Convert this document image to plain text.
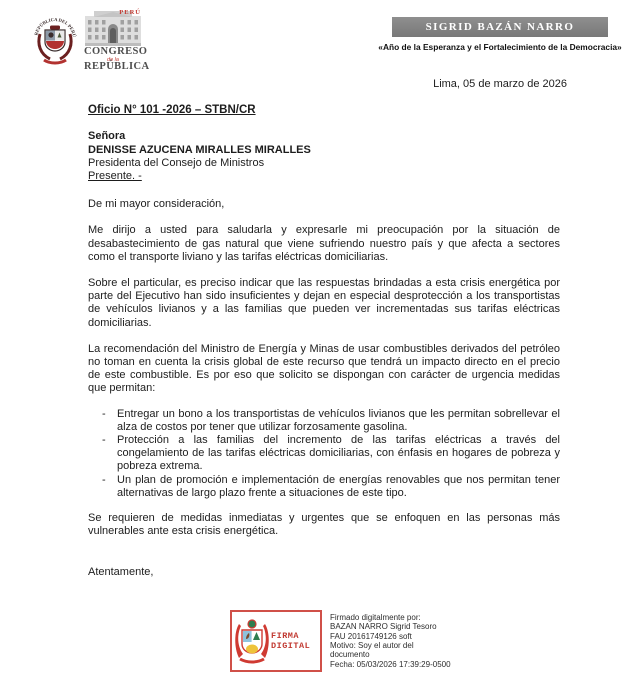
REPÚBLICA DEL PERÚ
PERÚ
CONGRESO
de la
REPÚBLICA
SIGRID BAZÁN NARRO
«Año de la Esperanza y el Fortalecimiento de la Democracia»
Lima, 05 de marzo de 2026
Oficio N° 101 -2026 – STBN/CR
Señora
DENISSE AZUCENA MIRALLES MIRALLES
Presidenta del Consejo de Ministros
Presente. -
De mi mayor consideración,

Me dirijo a usted para saludarla y expresarle mi preocupación por la situación de desabastecimiento de gas natural que viene sufriendo nuestro país y que afecta a sectores como el transporte liviano y las tarifas eléctricas domiciliarias.

Sobre el particular, es preciso indicar que las respuestas brindadas a esta crisis energética por parte del Ejecutivo han sido insuficientes y dejan en especial desprotección a los transportistas de vehículos livianos y a las familias que pueden ver incrementadas sus tarifas eléctricas domiciliarias.

La recomendación del Ministro de Energía y Minas de usar combustibles derivados del petróleo no toman en cuenta la crisis global de este recurso que tendrá un impacto directo en el precio de este combustible. Es por eso que solicito se dispongan con carácter de urgencia medidas que permitan:

-	Entregar un bono a los transportistas de vehículos livianos que les permitan sobrellevar el alza de costos por tener que utilizar forzosamente gasolina.
-	Protección a las familias del incremento de las tarifas eléctricas a través del congelamiento de las tarifas eléctricas domiciliarias, con énfasis en hogares de pobreza y pobreza extrema.
-	Un plan de promoción e implementación de energías renovables que nos permitan tener alternativas de largo plazo frente a situaciones de este tipo.

Se requieren de medidas inmediatas y urgentes que se enfoquen en las personas más vulnerables ante esta crisis energética.

Atentamente,
FIRMA
DIGITAL
Firmado digitalmente por:
BAZAN NARRO Sigrid Tesoro
FAU 20161749126 soft
Motivo: Soy el autor del
documento
Fecha: 05/03/2026 17:39:29-0500
